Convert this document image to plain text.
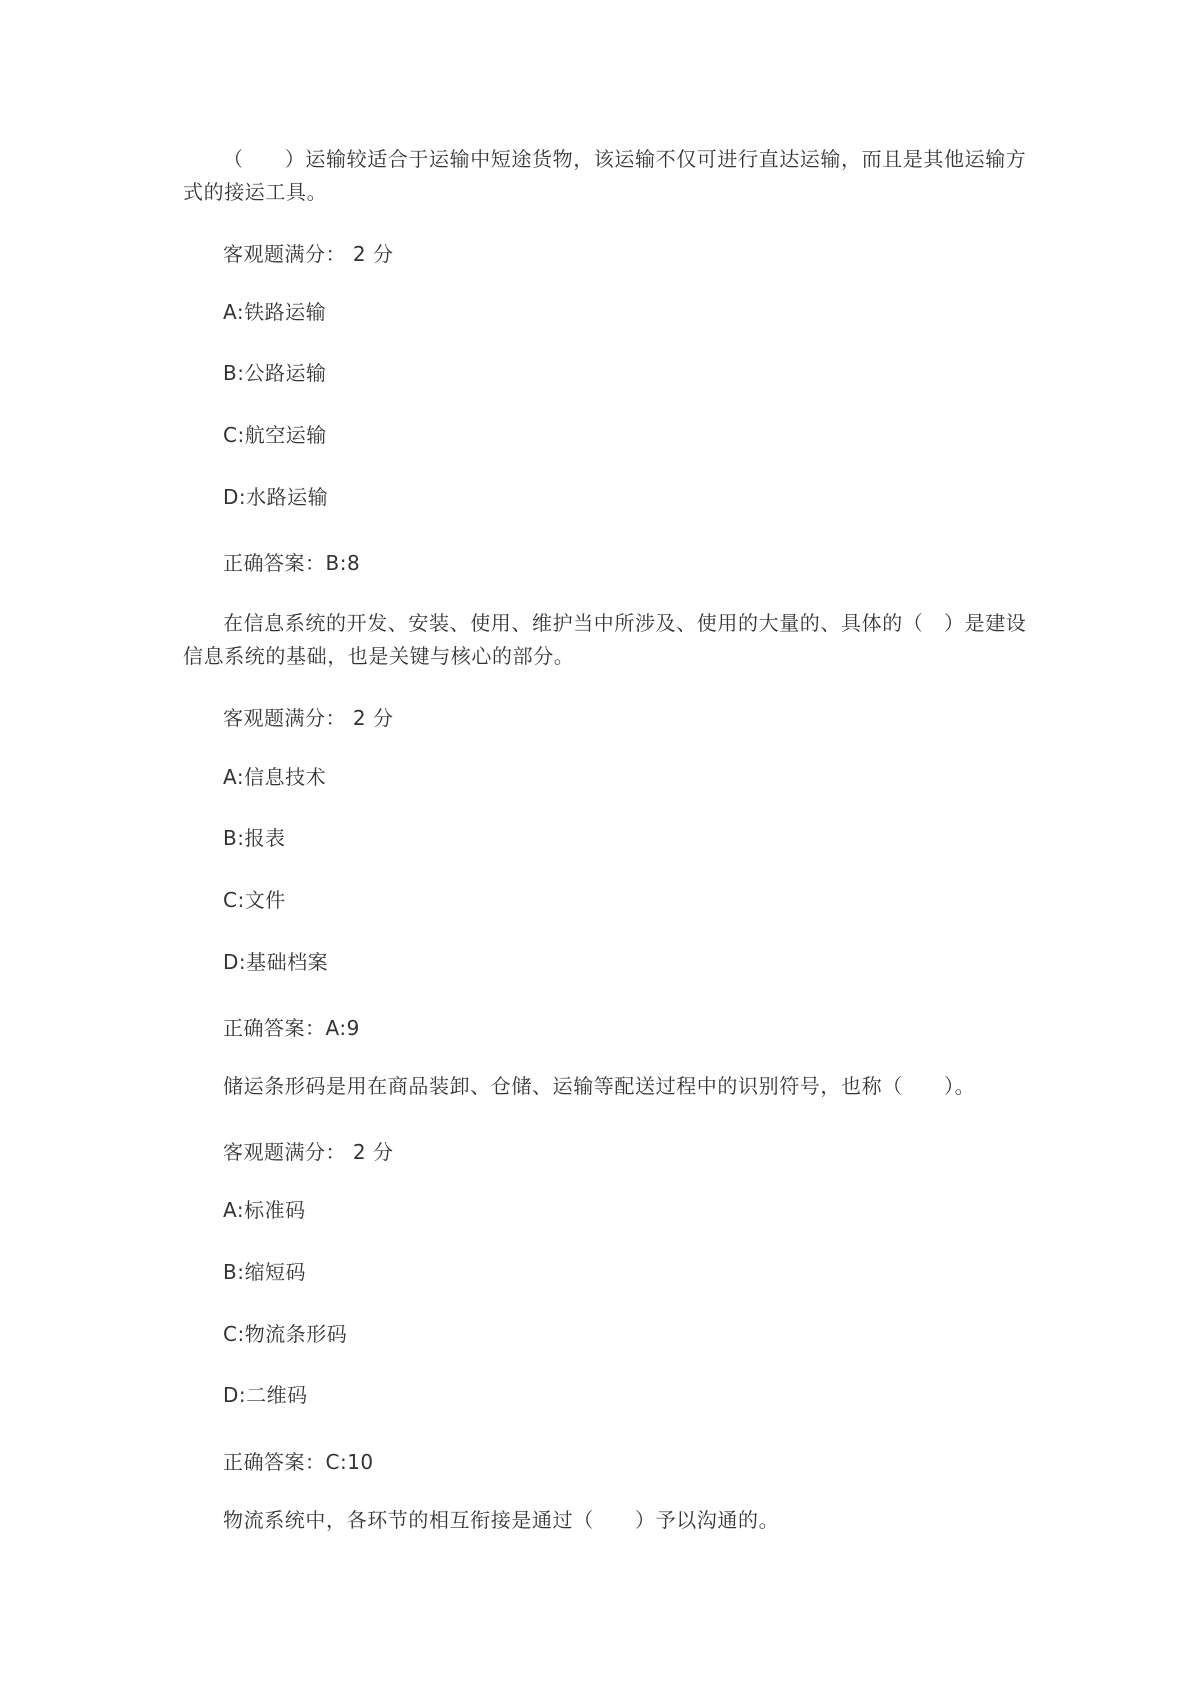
（　　）运输较适合于运输中短途货物，该运输不仅可进行直达运输，而且是其他运输方式的接运工具。
客观题满分： 2 分
A:铁路运输
B:公路运输
C:航空运输
D:水路运输
正确答案：B:8
在信息系统的开发、安装、使用、维护当中所涉及、使用的大量的、具体的（　）是建设信息系统的基础，也是关键与核心的部分。
客观题满分： 2 分
A:信息技术
B:报表
C:文件
D:基础档案
正确答案：A:9
储运条形码是用在商品装卸、仓储、运输等配送过程中的识别符号，也称（　　）。
客观题满分： 2 分
A:标准码
B:缩短码
C:物流条形码
D:二维码
正确答案：C:10
物流系统中，各环节的相互衔接是通过（　　）予以沟通的。
